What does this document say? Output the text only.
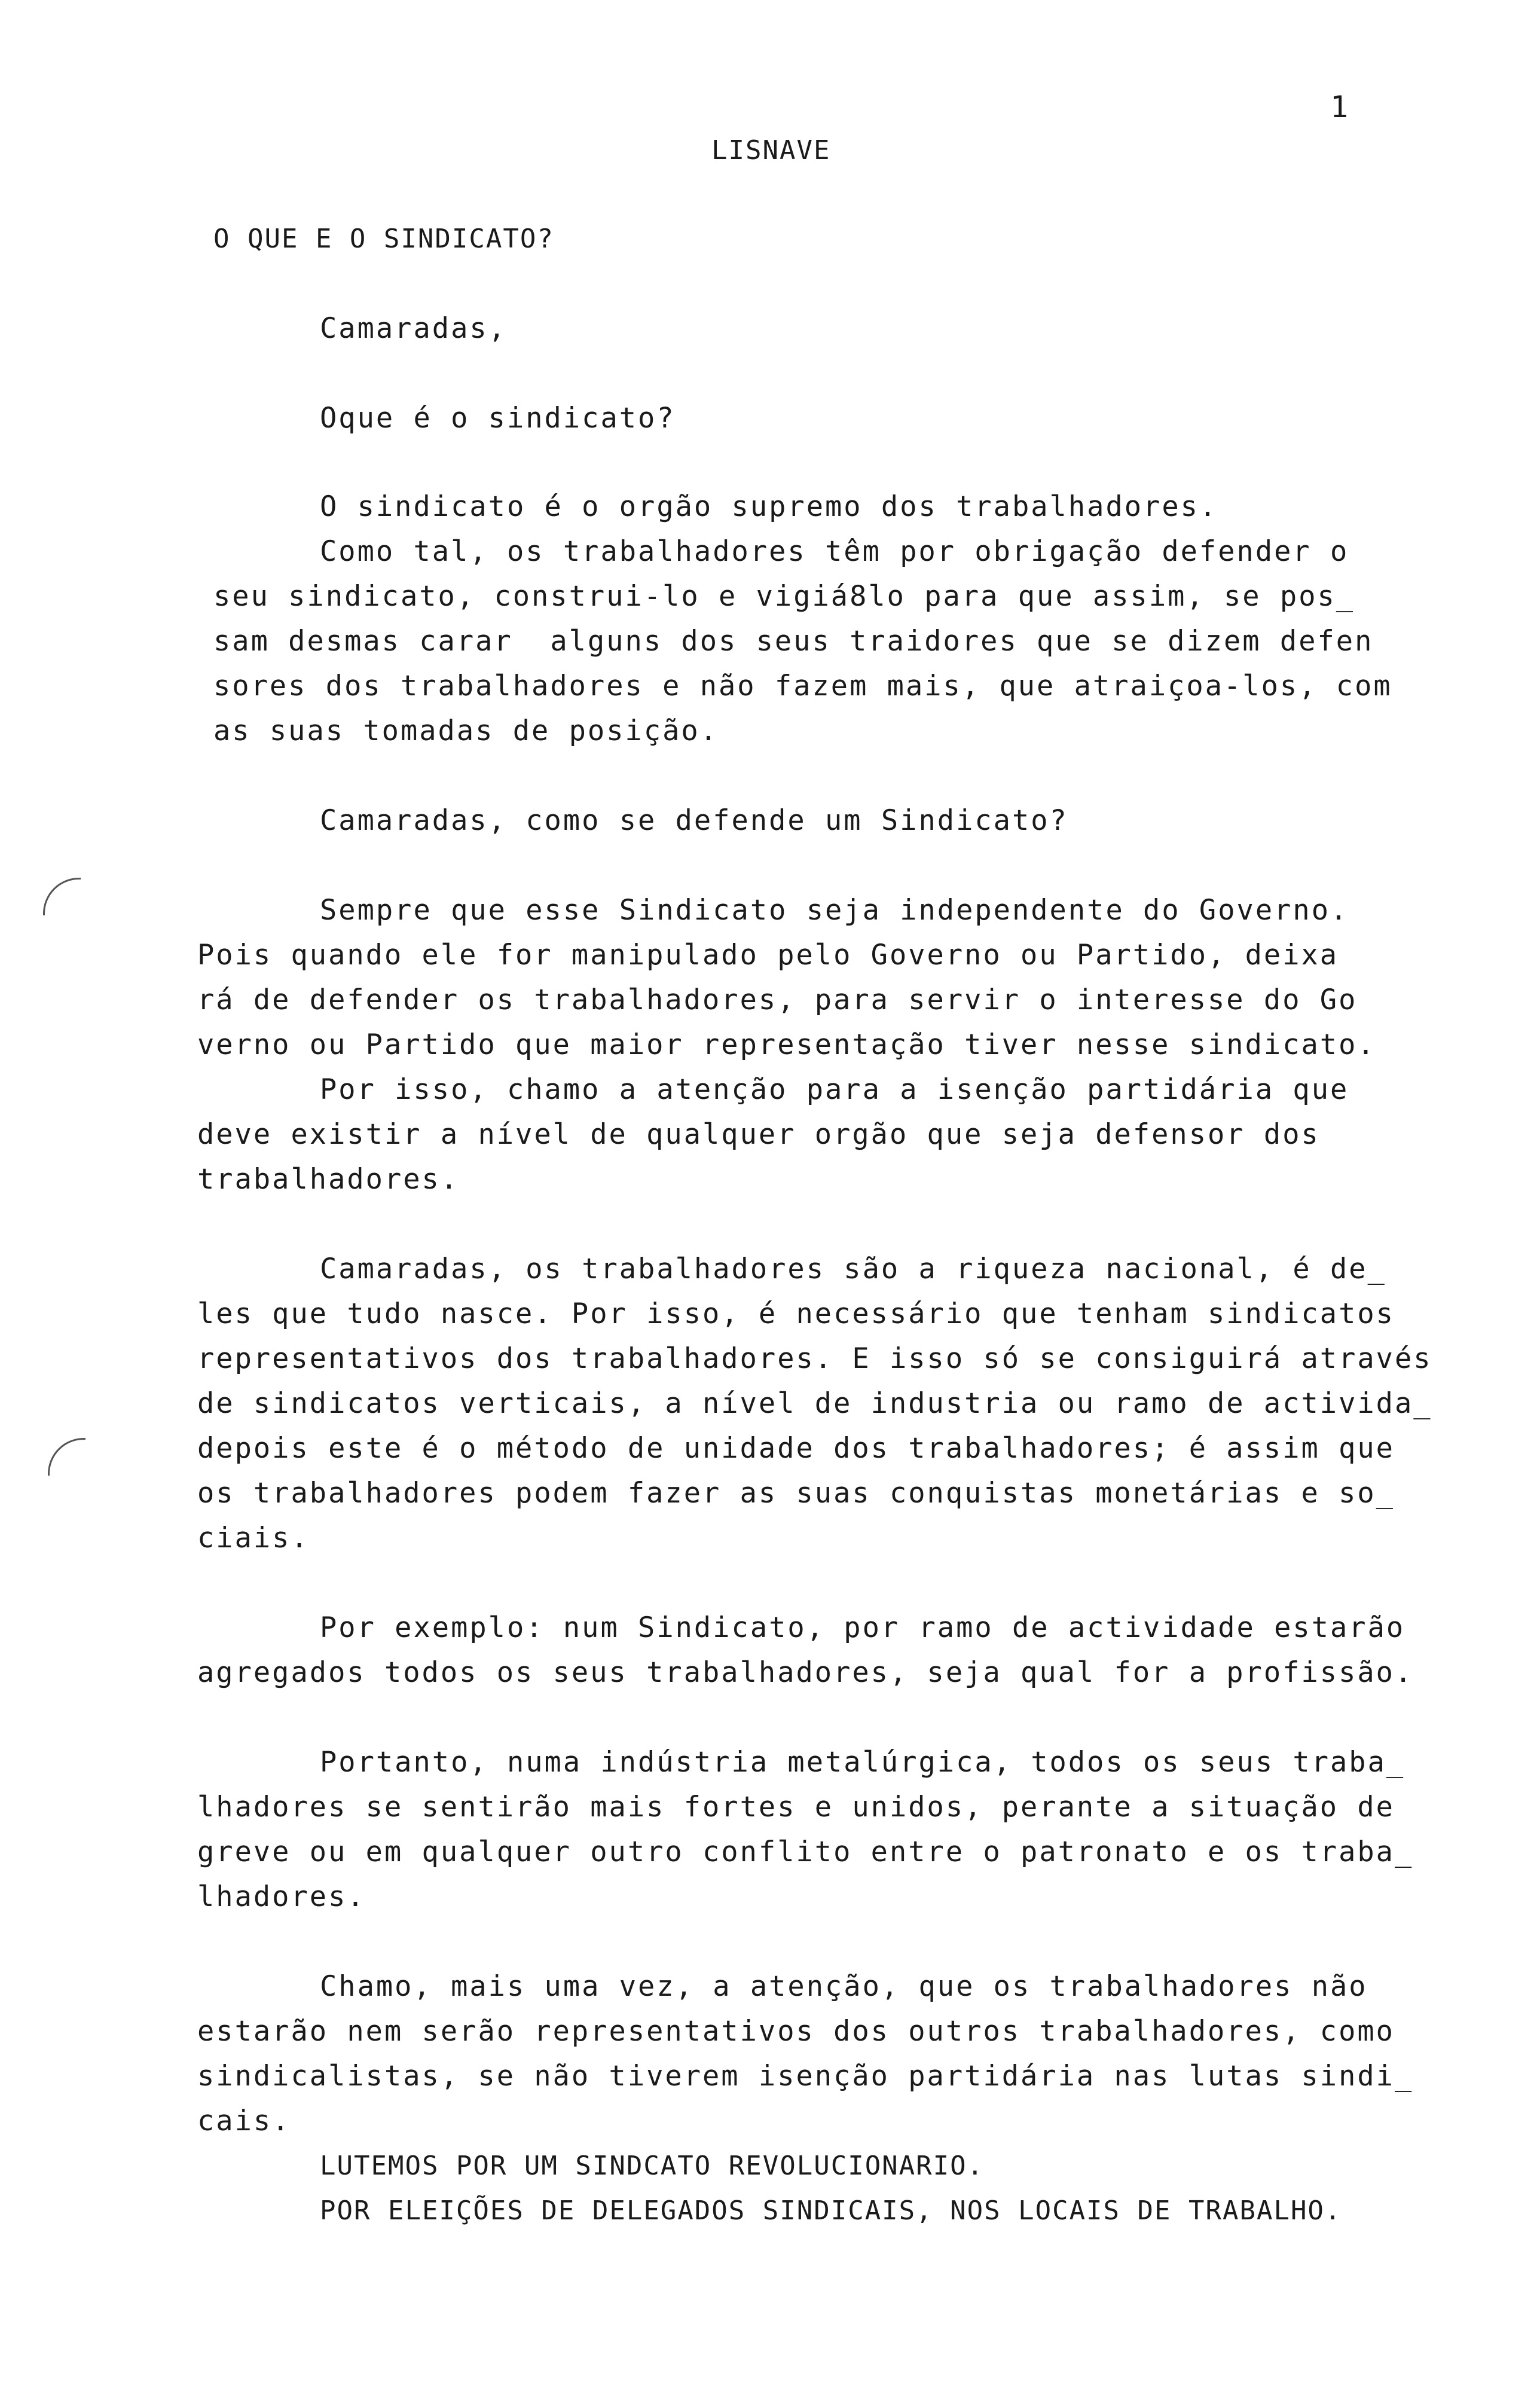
1
LISNAVE
O QUE E O SINDICATO?
Camaradas,
Oque é o sindicato?
O sindicato é o orgão supremo dos trabalhadores.
Como tal, os trabalhadores têm por obrigação defender o
seu sindicato, construi-lo e vigiá8lo para que assim, se pos_
sam desmas carar  alguns dos seus traidores que se dizem defen
sores dos trabalhadores e não fazem mais, que atraiçoa-los, com
as suas tomadas de posição.
Camaradas, como se defende um Sindicato?
Sempre que esse Sindicato seja independente do Governo.
Pois quando ele for manipulado pelo Governo ou Partido, deixa
rá de defender os trabalhadores, para servir o interesse do Go
verno ou Partido que maior representação tiver nesse sindicato.
Por isso, chamo a atenção para a isenção partidária que
deve existir a nível de qualquer orgão que seja defensor dos
trabalhadores.
Camaradas, os trabalhadores são a riqueza nacional, é de_
les que tudo nasce. Por isso, é necessário que tenham sindicatos
representativos dos trabalhadores. E isso só se consiguirá através
de sindicatos verticais, a nível de industria ou ramo de activida_
depois este é o método de unidade dos trabalhadores; é assim que
os trabalhadores podem fazer as suas conquistas monetárias e so_
ciais.
Por exemplo: num Sindicato, por ramo de actividade estarão
agregados todos os seus trabalhadores, seja qual for a profissão.
Portanto, numa indústria metalúrgica, todos os seus traba_
lhadores se sentirão mais fortes e unidos, perante a situação de
greve ou em qualquer outro conflito entre o patronato e os traba_
lhadores.
Chamo, mais uma vez, a atenção, que os trabalhadores não
estarão nem serão representativos dos outros trabalhadores, como
sindicalistas, se não tiverem isenção partidária nas lutas sindi_
cais.
LUTEMOS POR UM SINDCATO REVOLUCIONARIO.
POR ELEIÇÕES DE DELEGADOS SINDICAIS, NOS LOCAIS DE TRABALHO.
